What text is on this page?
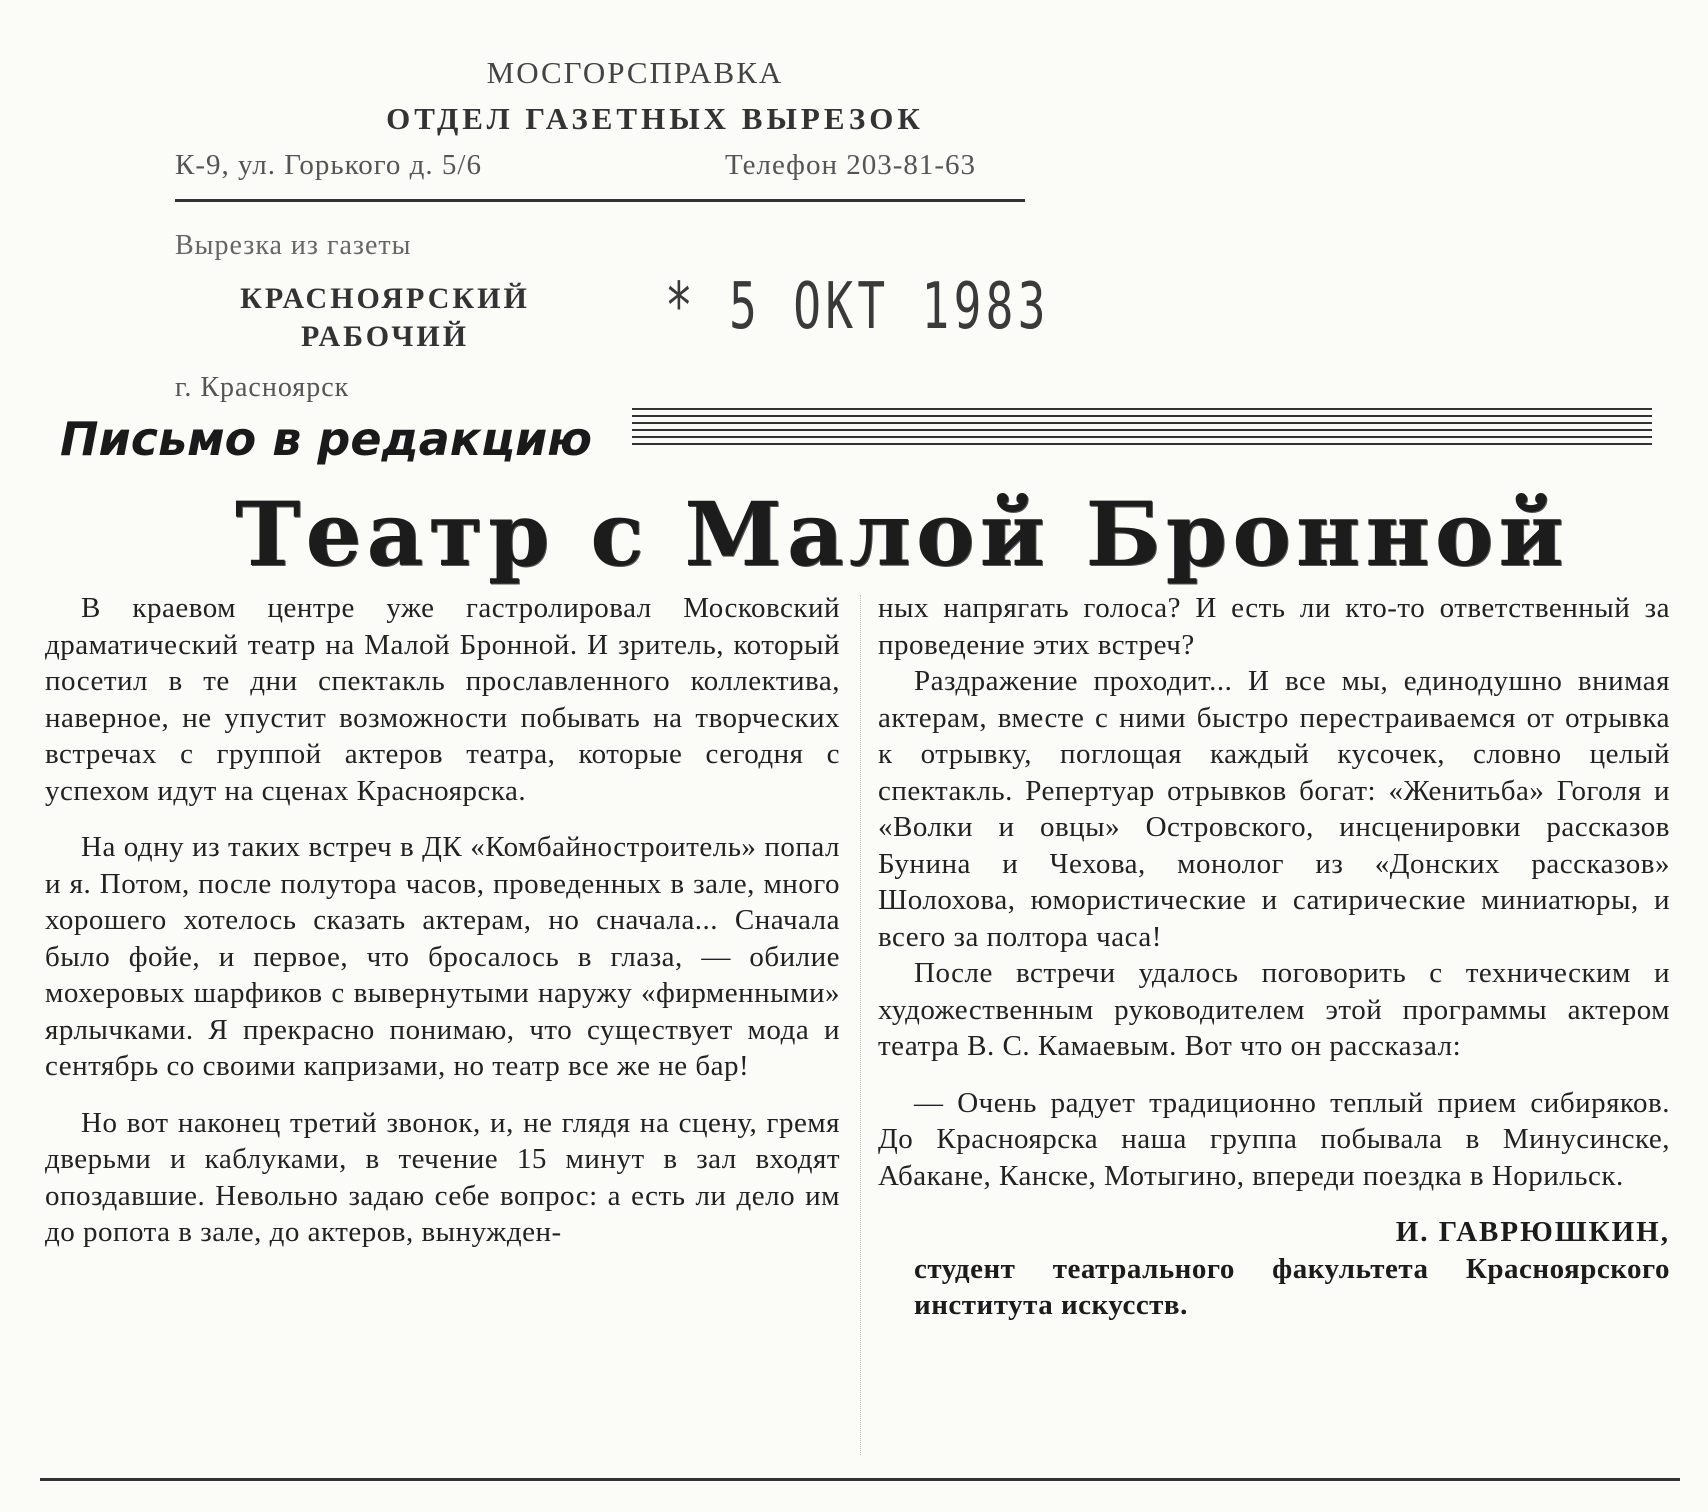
МОСГОРСПРАВКА
ОТДЕЛ ГАЗЕТНЫХ ВЫРЕЗОК
К-9, ул. Горького д. 5/6	Телефон 203-81-63
Вырезка из газеты
КРАСНОЯРСКИЙ РАБОЧИЙ	* 5 ОКТ 1983
г. Красноярск
Письмо в редакцию
Театр с Малой Бронной

В краевом центре уже гастролировал Московский драматический театр на Малой Бронной. И зритель, который посетил в те дни спектакль прославленного коллектива, наверное, не упустит возможности побывать на творческих встречах с группой актеров театра, которые сегодня с успехом идут на сценах Красноярска.

На одну из таких встреч в ДК «Комбайностроитель» попал и я. Потом, после полутора часов, проведенных в зале, много хорошего хотелось сказать актерам, но сначала... Сначала было фойе, и первое, что бросалось в глаза, — обилие мохеровых шарфиков с вывернутыми наружу «фирменными» ярлычками. Я прекрасно понимаю, что существует мода и сентябрь со своими капризами, но театр все же не бар!

Но вот наконец третий звонок, и, не глядя на сцену, гремя дверьми и каблуками, в течение 15 минут в зал входят опоздавшие. Невольно задаю себе вопрос: а есть ли дело им до ропота в зале, до актеров, вынужден-

ных напрягать голоса? И есть ли кто-то ответственный за проведение этих встреч?

Раздражение проходит... И все мы, единодушно внимая актерам, вместе с ними быстро перестраиваемся от отрывка к отрывку, поглощая каждый кусочек, словно целый спектакль. Репертуар отрывков богат: «Женитьба» Гоголя и «Волки и овцы» Островского, инсценировки рассказов Бунина и Чехова, монолог из «Донских рассказов» Шолохова, юмористические и сатирические миниатюры, и всего за полтора часа!

После встречи удалось поговорить с техническим и художественным руководителем этой программы актером театра В. С. Камаевым. Вот что он рассказал:

— Очень радует традиционно теплый прием сибиряков. До Красноярска наша группа побывала в Минусинске, Абакане, Канске, Мотыгино, впереди поездка в Норильск.

И. ГАВРЮШКИН,
студент театрального факультета Красноярского института искусств.
